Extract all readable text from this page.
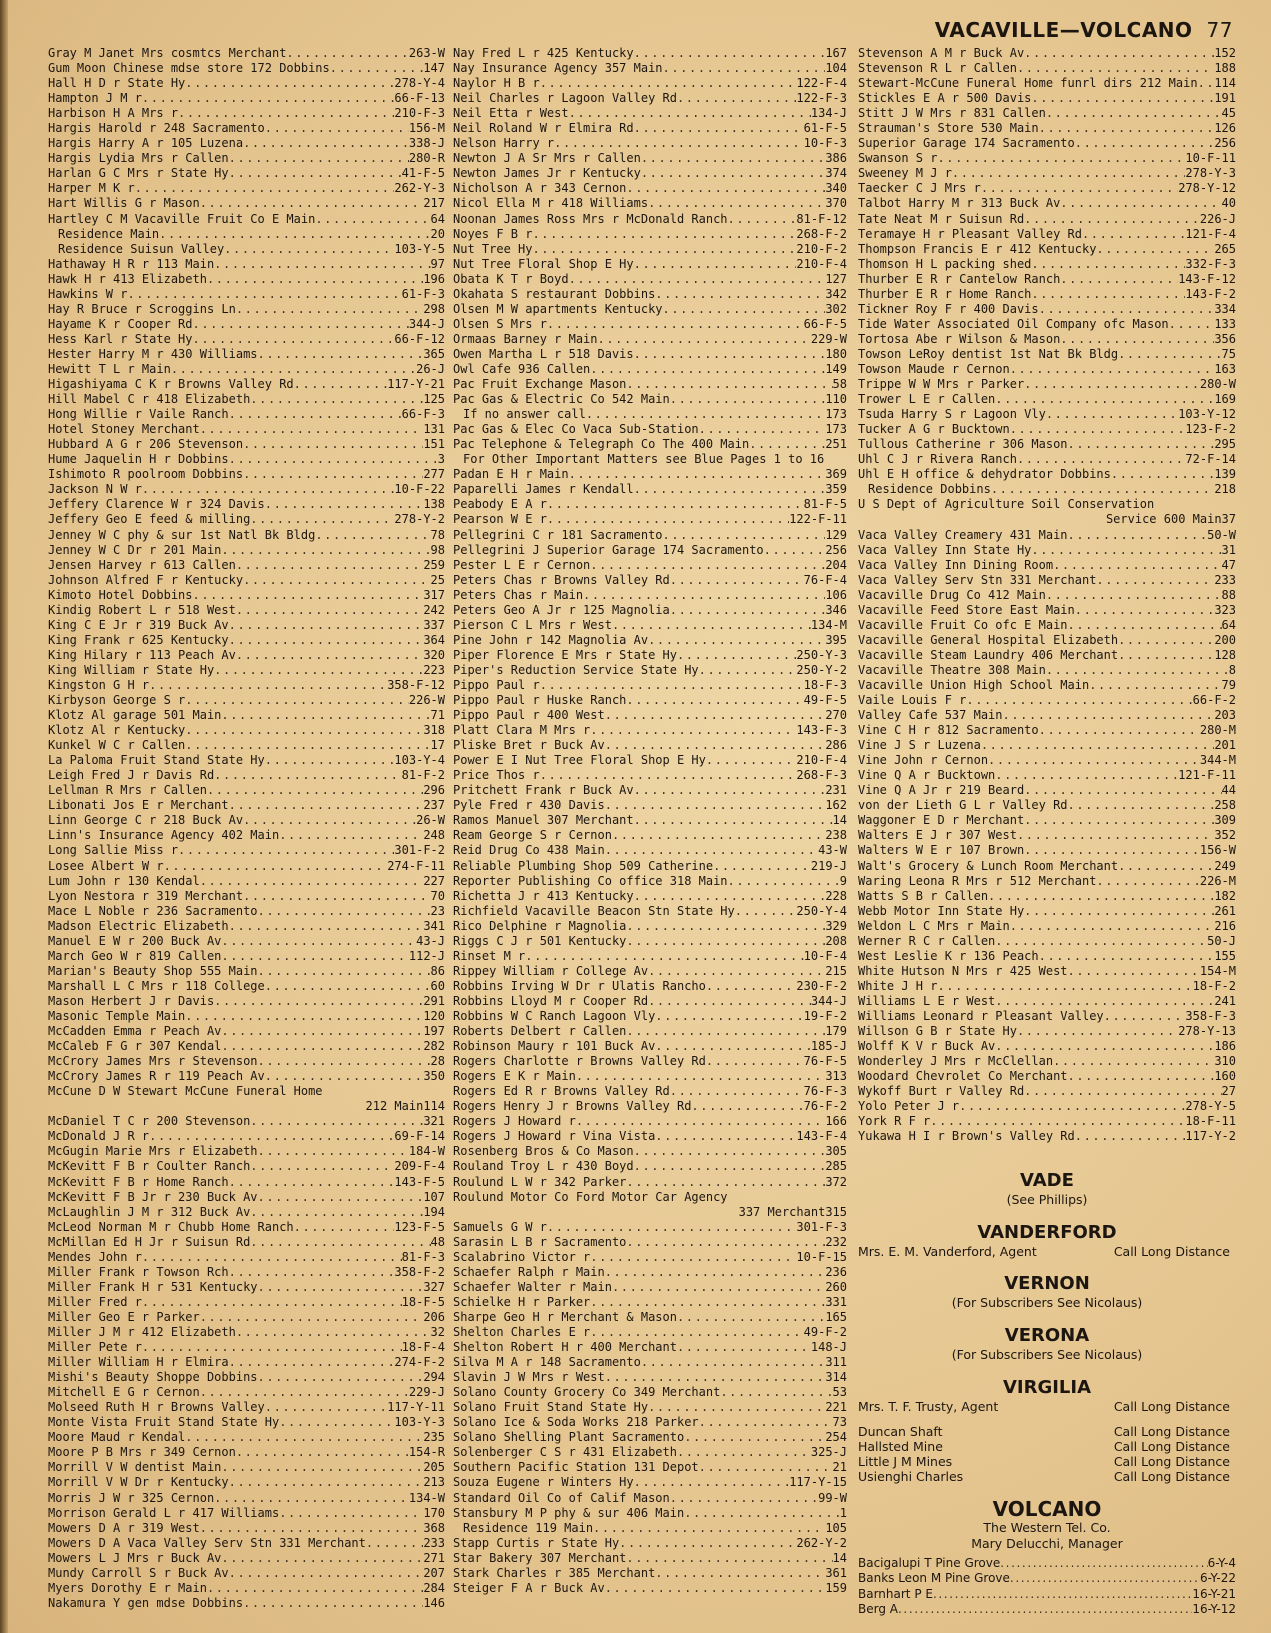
VACAVILLE—VOLCANO 77
Gray M Janet Mrs cosmtcs Merchant .....	263-W
Gum Moon Chinese mdse store 172 Dobbins .....	147
Hall H D r State Hy .....	278-Y-4
Hampton J M r .....	66-F-13
Harbison H A Mrs r .....	210-F-3
Hargis Harold r 248 Sacramento .....	156-M
Hargis Harry A r 105 Luzena .....	338-J
Hargis Lydia Mrs r Callen .....	280-R
Harlan G C Mrs r State Hy .....	41-F-5
Harper M K r .....	262-Y-3
Hart Willis G r Mason .....	217
Hartley C M Vacaville Fruit Co E Main .....	64
Residence Main .....	20
Residence Suisun Valley .....	103-Y-5
Hathaway H R r 113 Main .....	97
Hawk H r 413 Elizabeth .....	196
Hawkins W r .....	61-F-3
Hay R Bruce r Scroggins Ln .....	298
Hayame K r Cooper Rd .....	344-J
Hess Karl r State Hy .....	66-F-12
Hester Harry M r 430 Williams .....	365
Hewitt T L r Main .....	26-J
Higashiyama C K r Browns Valley Rd .....	117-Y-21
Hill Mabel C r 418 Elizabeth .....	125
Hong Willie r Vaile Ranch .....	66-F-3
Hotel Stoney Merchant .....	131
Hubbard A G r 206 Stevenson .....	151
Hume Jaquelin H r Dobbins .....	3
Ishimoto R poolroom Dobbins .....	277
Jackson N W r .....	10-F-22
Jeffery Clarence W r 324 Davis .....	138
Jeffery Geo E feed & milling .....	278-Y-2
Jenney W C phy & sur 1st Natl Bk Bldg .....	78
Jenney W C Dr r 201 Main .....	98
Jensen Harvey r 613 Callen .....	259
Johnson Alfred F r Kentucky .....	25
Kimoto Hotel Dobbins .....	317
Kindig Robert L r 518 West .....	242
King C E Jr r 319 Buck Av .....	337
King Frank r 625 Kentucky .....	364
King Hilary r 113 Peach Av .....	320
King William r State Hy .....	223
Kingston G H r .....	358-F-12
Kirbyson George S r .....	226-W
Klotz Al garage 501 Main .....	71
Klotz Al r Kentucky .....	318
Kunkel W C r Callen .....	17
La Paloma Fruit Stand State Hy .....	103-Y-4
Leigh Fred J r Davis Rd .....	81-F-2
Lellman R Mrs r Callen .....	296
Libonati Jos E r Merchant .....	237
Linn George C r 218 Buck Av .....	26-W
Linn's Insurance Agency 402 Main .....	248
Long Sallie Miss r .....	301-F-2
Losee Albert W r .....	274-F-11
Lum John r 130 Kendal .....	227
Lyon Nestora r 319 Merchant .....	70
Mace L Noble r 236 Sacramento .....	23
Madson Electric Elizabeth .....	341
Manuel E W r 200 Buck Av .....	43-J
March Geo W r 819 Callen .....	112-J
Marian's Beauty Shop 555 Main .....	86
Marshall L C Mrs r 118 College .....	60
Mason Herbert J r Davis .....	291
Masonic Temple Main .....	120
McCadden Emma r Peach Av .....	197
McCaleb F G r 307 Kendal .....	282
McCrory James Mrs r Stevenson .....	28
McCrory James R r 119 Peach Av .....	350
McCune D W Stewart McCune Funeral Home
212 Main 114
McDaniel T C r 200 Stevenson .....	321
McDonald J R r .....	69-F-14
McGugin Marie Mrs r Elizabeth .....	184-W
McKevitt F B r Coulter Ranch .....	209-F-4
McKevitt F B r Home Ranch .....	143-F-5
McKevitt F B Jr r 230 Buck Av .....	107
McLaughlin J M r 312 Buck Av .....	194
McLeod Norman M r Chubb Home Ranch .....	123-F-5
McMillan Ed H Jr r Suisun Rd .....	48
Mendes John r .....	81-F-3
Miller Frank r Towson Rch .....	358-F-2
Miller Frank H r 531 Kentucky .....	327
Miller Fred r .....	18-F-5
Miller Geo E r Parker .....	206
Miller J M r 412 Elizabeth .....	32
Miller Pete r .....	18-F-4
Miller William H r Elmira .....	274-F-2
Mishi's Beauty Shoppe Dobbins .....	294
Mitchell E G r Cernon .....	229-J
Molseed Ruth H r Browns Valley .....	117-Y-11
Monte Vista Fruit Stand State Hy .....	103-Y-3
Moore Maud r Kendal .....	235
Moore P B Mrs r 349 Cernon .....	154-R
Morrill V W dentist Main .....	205
Morrill V W Dr r Kentucky .....	213
Morris J W r 325 Cernon .....	134-W
Morrison Gerald L r 417 Williams .....	170
Mowers D A r 319 West .....	368
Mowers D A Vaca Valley Serv Stn 331 Merchant .....	233
Mowers L J Mrs r Buck Av .....	271
Mundy Carroll S r Buck Av .....	207
Myers Dorothy E r Main .....	284
Nakamura Y gen mdse Dobbins .....	146
Nay Fred L r 425 Kentucky .....	167
Nay Insurance Agency 357 Main .....	104
Naylor H B r .....	122-F-4
Neil Charles r Lagoon Valley Rd .....	122-F-3
Neil Etta r West .....	134-J
Neil Roland W r Elmira Rd .....	61-F-5
Nelson Harry r .....	10-F-3
Newton J A Sr Mrs r Callen .....	386
Newton James Jr r Kentucky .....	374
Nicholson A r 343 Cernon .....	340
Nicol Ella M r 418 Williams .....	370
Noonan James Ross Mrs r McDonald Ranch .....	81-F-12
Noyes F B r .....	268-F-2
Nut Tree Hy .....	210-F-2
Nut Tree Floral Shop E Hy .....	210-F-4
Obata K T r Boyd .....	127
Okahata S restaurant Dobbins .....	342
Olsen M W apartments Kentucky .....	302
Olsen S Mrs r .....	66-F-5
Ormaas Barney r Main .....	229-W
Owen Martha L r 518 Davis .....	180
Owl Cafe 936 Callen .....	149
Pac Fruit Exchange Mason .....	58
Pac Gas & Electric Co 542 Main .....	110
If no answer call .....	173
Pac Gas & Elec Co Vaca Sub-Station .....	173
Pac Telephone & Telegraph Co The 400 Main .....	251
For Other Important Matters see Blue Pages 1 to 16
Padan E H r Main .....	369
Paparelli James r Kendall .....	359
Peabody E A r .....	81-F-5
Pearson W E r .....	122-F-11
Pellegrini C r 181 Sacramento .....	129
Pellegrini J Superior Garage 174 Sacramento .....	256
Pester L E r Cernon .....	204
Peters Chas r Browns Valley Rd .....	76-F-4
Peters Chas r Main .....	106
Peters Geo A Jr r 125 Magnolia .....	346
Pierson C L Mrs r West .....	134-M
Pine John r 142 Magnolia Av .....	395
Piper Florence E Mrs r State Hy .....	250-Y-3
Piper's Reduction Service State Hy .....	250-Y-2
Pippo Paul r .....	18-F-3
Pippo Paul r Huske Ranch .....	49-F-5
Pippo Paul r 400 West .....	270
Platt Clara M Mrs r .....	143-F-3
Pliske Bret r Buck Av .....	286
Power E I Nut Tree Floral Shop E Hy .....	210-F-4
Price Thos r .....	268-F-3
Pritchett Frank r Buck Av .....	231
Pyle Fred r 430 Davis .....	162
Ramos Manuel 307 Merchant .....	14
Ream George S r Cernon .....	238
Reid Drug Co 438 Main .....	43-W
Reliable Plumbing Shop 509 Catherine .....	219-J
Reporter Publishing Co office 318 Main .....	9
Richetta J r 413 Kentucky .....	228
Richfield Vacaville Beacon Stn State Hy .....	250-Y-4
Rico Delphine r Magnolia .....	329
Riggs C J r 501 Kentucky .....	208
Rinset M r .....	10-F-4
Rippey William r College Av .....	215
Robbins Irving W Dr r Ulatis Rancho .....	230-F-2
Robbins Lloyd M r Cooper Rd .....	344-J
Robbins W C Ranch Lagoon Vly .....	19-F-2
Roberts Delbert r Callen .....	179
Robinson Maury r 101 Buck Av .....	185-J
Rogers Charlotte r Browns Valley Rd .....	76-F-5
Rogers E K r Main .....	313
Rogers Ed R r Browns Valley Rd .....	76-F-3
Rogers Henry J r Browns Valley Rd .....	76-F-2
Rogers J Howard r .....	166
Rogers J Howard r Vina Vista .....	143-F-4
Rosenberg Bros & Co Mason .....	305
Rouland Troy L r 430 Boyd .....	285
Roulund L W r 342 Parker .....	372
Roulund Motor Co Ford Motor Car Agency
337 Merchant 315
Samuels G W r .....	301-F-3
Sarasin L B r Sacramento .....	232
Scalabrino Victor r .....	10-F-15
Schaefer Ralph r Main .....	236
Schaefer Walter r Main .....	260
Schielke H r Parker .....	331
Sharpe Geo H r Merchant & Mason .....	165
Shelton Charles E r .....	49-F-2
Shelton Robert H r 400 Merchant .....	148-J
Silva M A r 148 Sacramento .....	311
Slavin J W Mrs r West .....	314
Solano County Grocery Co 349 Merchant .....	53
Solano Fruit Stand State Hy .....	221
Solano Ice & Soda Works 218 Parker .....	73
Solano Shelling Plant Sacramento .....	254
Solenberger C S r 431 Elizabeth .....	325-J
Southern Pacific Station 131 Depot .....	21
Souza Eugene r Winters Hy .....	117-Y-15
Standard Oil Co of Calif Mason .....	99-W
Stansbury M P phy & sur 406 Main .....	1
Residence 119 Main .....	105
Stapp Curtis r State Hy .....	262-Y-2
Star Bakery 307 Merchant .....	14
Stark Charles r 385 Merchant .....	361
Steiger F A r Buck Av .....	159
Stevenson A M r Buck Av .....	152
Stevenson R L r Callen .....	188
Stewart-McCune Funeral Home funrl dirs 212 Main ..... 114
Stickles E A r 500 Davis .....	191
Stitt J W Mrs r 831 Callen .....	45
Strauman's Store 530 Main .....	126
Superior Garage 174 Sacramento .....	256
Swanson S r .....	10-F-11
Sweeney M J r .....	278-Y-3
Taecker C J Mrs r .....	278-Y-12
Talbot Harry M r 313 Buck Av .....	40
Tate Neat M r Suisun Rd .....	226-J
Teramaye H r Pleasant Valley Rd .....	121-F-4
Thompson Francis E r 412 Kentucky .....	265
Thomson H L packing shed .....	332-F-3
Thurber E R r Cantelow Ranch .....	143-F-12
Thurber E R r Home Ranch .....	143-F-2
Tickner Roy F r 400 Davis .....	334
Tide Water Associated Oil Company ofc Mason .....	133
Tortosa Abe r Wilson & Mason .....	356
Towson LeRoy dentist 1st Nat Bk Bldg .....	75
Towson Maude r Cernon .....	163
Trippe W W Mrs r Parker .....	280-W
Trower L E r Callen .....	169
Tsuda Harry S r Lagoon Vly .....	103-Y-12
Tucker A G r Bucktown .....	123-F-2
Tullous Catherine r 306 Mason .....	295
Uhl C J r Rivera Ranch .....	72-F-14
Uhl E H office & dehydrator Dobbins .....	139
Residence Dobbins .....	218
U S Dept of Agriculture Soil Conservation
Service 600 Main 37
Vaca Valley Creamery 431 Main .....	50-W
Vaca Valley Inn State Hy .....	31
Vaca Valley Inn Dining Room .....	47
Vaca Valley Serv Stn 331 Merchant .....	233
Vacaville Drug Co 412 Main .....	88
Vacaville Feed Store East Main .....	323
Vacaville Fruit Co ofc E Main .....	64
Vacaville General Hospital Elizabeth .....	200
Vacaville Steam Laundry 406 Merchant .....	128
Vacaville Theatre 308 Main .....	8
Vacaville Union High School Main .....	79
Vaile Louis F r .....	66-F-2
Valley Cafe 537 Main .....	203
Vine C H r 812 Sacramento .....	280-M
Vine J S r Luzena .....	201
Vine John r Cernon .....	344-M
Vine Q A r Bucktown .....	121-F-11
Vine Q A Jr r 219 Beard .....	44
von der Lieth G L r Valley Rd .....	258
Waggoner E D r Merchant .....	309
Walters E J r 307 West .....	352
Walters W E r 107 Brown .....	156-W
Walt's Grocery & Lunch Room Merchant .....	249
Waring Leona R Mrs r 512 Merchant .....	226-M
Watts S B r Callen .....	182
Webb Motor Inn State Hy .....	261
Weldon L C Mrs r Main .....	216
Werner R C r Callen .....	50-J
West Leslie K r 136 Peach .....	155
White Hutson N Mrs r 425 West .....	154-M
White J H r .....	18-F-2
Williams L E r West .....	241
Williams Leonard r Pleasant Valley .....	358-F-3
Willson G B r State Hy .....	278-Y-13
Wolff K V r Buck Av .....	186
Wonderley J Mrs r McClellan .....	310
Woodard Chevrolet Co Merchant .....	160
Wykoff Burt r Valley Rd .....	27
Yolo Peter J r .....	278-Y-5
York R F r .....	18-F-11
Yukawa H I r Brown's Valley Rd .....	117-Y-2
VADE
(See Phillips)
VANDERFORD
Mrs. E. M. Vanderford, Agent	Call Long Distance
VERNON
(For Subscribers See Nicolaus)
VERONA
(For Subscribers See Nicolaus)
VIRGILIA
Mrs. T. F. Trusty, Agent	Call Long Distance
Duncan Shaft	Call Long Distance
Hallsted Mine	Call Long Distance
Little J M Mines	Call Long Distance
Usienghi Charles	Call Long Distance
VOLCANO
The Western Tel. Co.
Mary Delucchi, Manager
Bacigalupi T Pine Grove .....	6-Y-4
Banks Leon M Pine Grove .....	6-Y-22
Barnhart P E .....	16-Y-21
Berg A .....	16-Y-12
